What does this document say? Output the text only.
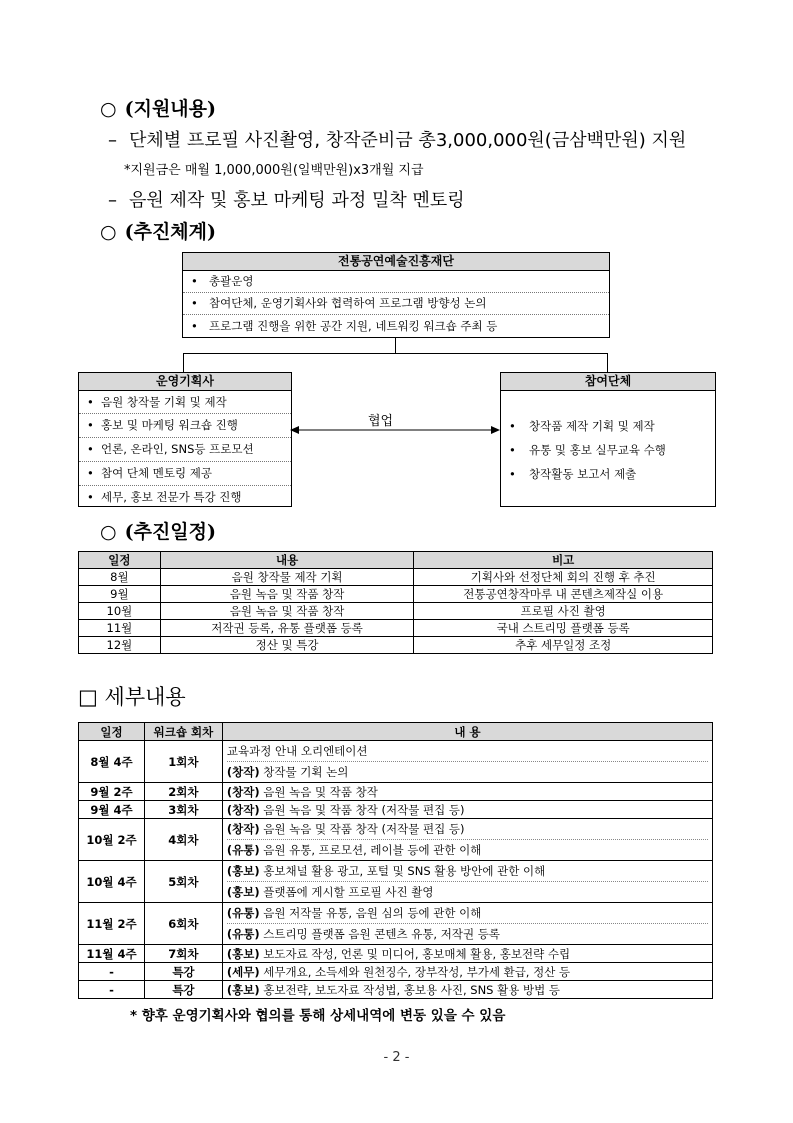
○ (지원내용)
– 단체별 프로필 사진촬영, 창작준비금 총3,000,000원(금삼백만원) 지원
*지원금은 매월 1,000,000원(일백만원)x3개월 지급
– 음원 제작 및 홍보 마케팅 과정 밀착 멘토링
○ (추진체계)
전통공연예술진흥재단
• 총괄운영
• 참여단체, 운영기획사와 협력하여 프로그램 방향성 논의
• 프로그램 진행을 위한 공간 지원, 네트워킹 워크숍 주최 등
운영기획사
• 음원 창작물 기획 및 제작
• 홍보 및 마케팅 워크숍 진행
• 언론, 온라인, SNS등 프로모션
• 참여 단체 멘토링 제공
• 세무, 홍보 전문가 특강 진행
참여단체
• 창작품 제작 기획 및 제작
• 유통 및 홍보 실무교육 수행
• 창작활동 보고서 제출
협업
○ (추진일정)
일정	내용	비고
8월	음원 창작물 제작 기획	기획사와 선정단체 회의 진행 후 추진
9월	음원 녹음 및 작품 창작	전통공연창작마루 내 콘텐츠제작실 이용
10월	음원 녹음 및 작품 창작	프로필 사진 촬영
11월	저작권 등록, 유통 플랫폼 등록	국내 스트리밍 플랫폼 등록
12월	정산 및 특강	추후 세무일정 조정
□ 세부내용
일정	워크숍 회차	내 용
8월 4주	1회차	교육과정 안내 오리엔테이션
(창작) 창작물 기획 논의

9월 2주	2회차	(창작) 음원 녹음 및 작품 창작
9월 4주	3회차	(창작) 음원 녹음 및 작품 창작 (저작물 편집 등)
10월 2주	4회차	(창작) 음원 녹음 및 작품 창작 (저작물 편집 등)
(유통) 음원 유통, 프로모션, 레이블 등에 관한 이해

10월 4주	5회차	(홍보) 홍보채널 활용 광고, 포털 및 SNS 활용 방안에 관한 이해
(홍보) 플랫폼에 게시할 프로필 사진 촬영

11월 2주	6회차	(유통) 음원 저작물 유통, 음원 심의 등에 관한 이해
(유통) 스트리밍 플랫폼 음원 콘텐츠 유통, 저작권 등록

11월 4주	7회차	(홍보) 보도자료 작성, 언론 및 미디어, 홍보매체 활용, 홍보전략 수립
-	특강	(세무) 세무개요, 소득세와 원천징수, 장부작성, 부가세 환급, 정산 등
-	특강	(홍보) 홍보전략, 보도자료 작성법, 홍보용 사진, SNS 활용 방법 등
* 향후 운영기획사와 협의를 통해 상세내역에 변동 있을 수 있음
- 2 -
